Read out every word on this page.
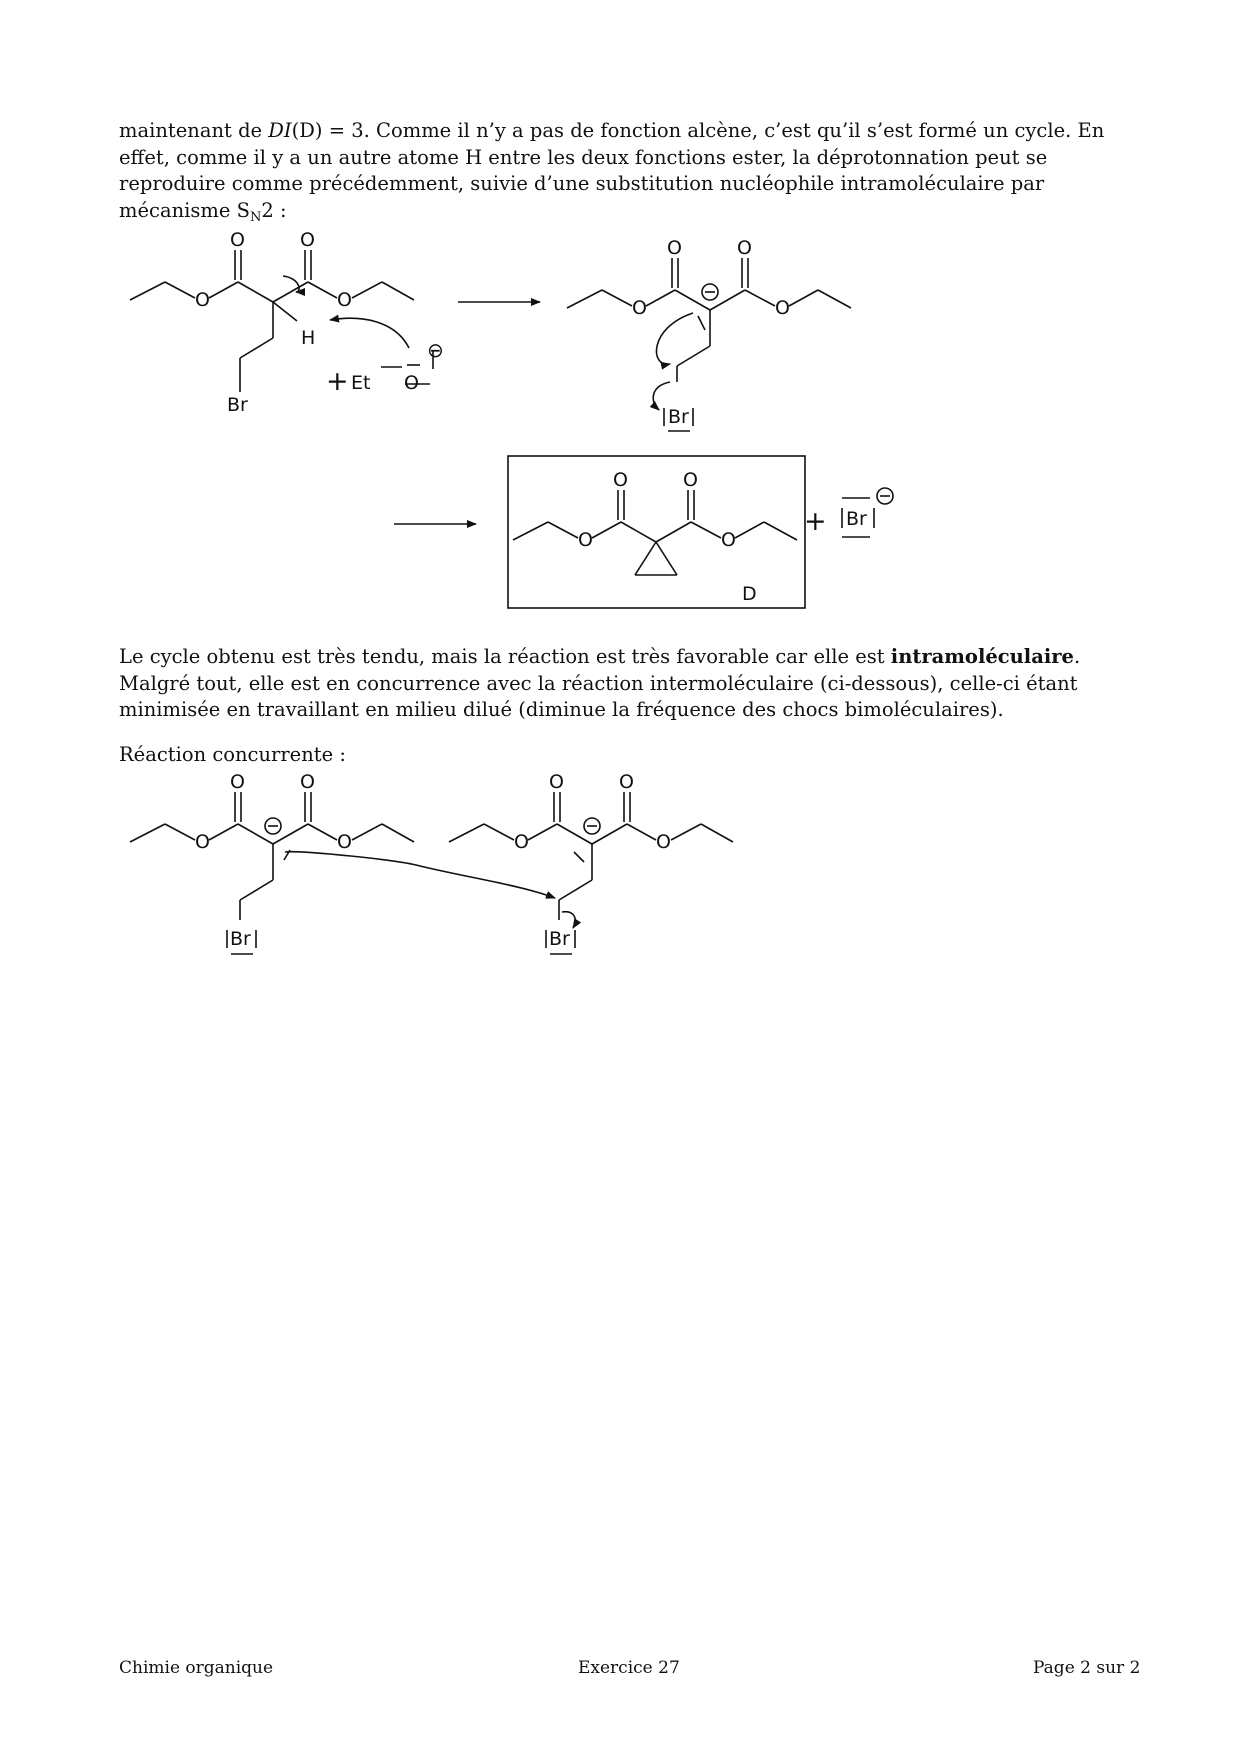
maintenant de DI(D) = 3. Comme il n’y a pas de fonction alcène, c’est qu’il s’est formé un cycle. En
effet, comme il y a un autre atome H entre les deux fonctions ester, la déprotonnation peut se
reproduire comme précédemment, suivie d’une substitution nucléophile intramoléculaire par
mécanisme $S_N2$ :
O	O
O	O
Br
H
+ Et O
⊖
O	O
O	O
Br
O	O
O	O
D
+ Br
Le cycle obtenu est très tendu, mais la réaction est très favorable car elle est intramoléculaire.
Malgré tout, elle est en concurrence avec la réaction intermoléculaire (ci-dessous), celle-ci étant
minimisée en travaillant en milieu dilué (diminue la fréquence des chocs bimoléculaires).
Réaction concurrente :
O	O
O	O
Br
O	O
O	O
Br
Chimie organique	Exercice 27	Page 2 sur 2
